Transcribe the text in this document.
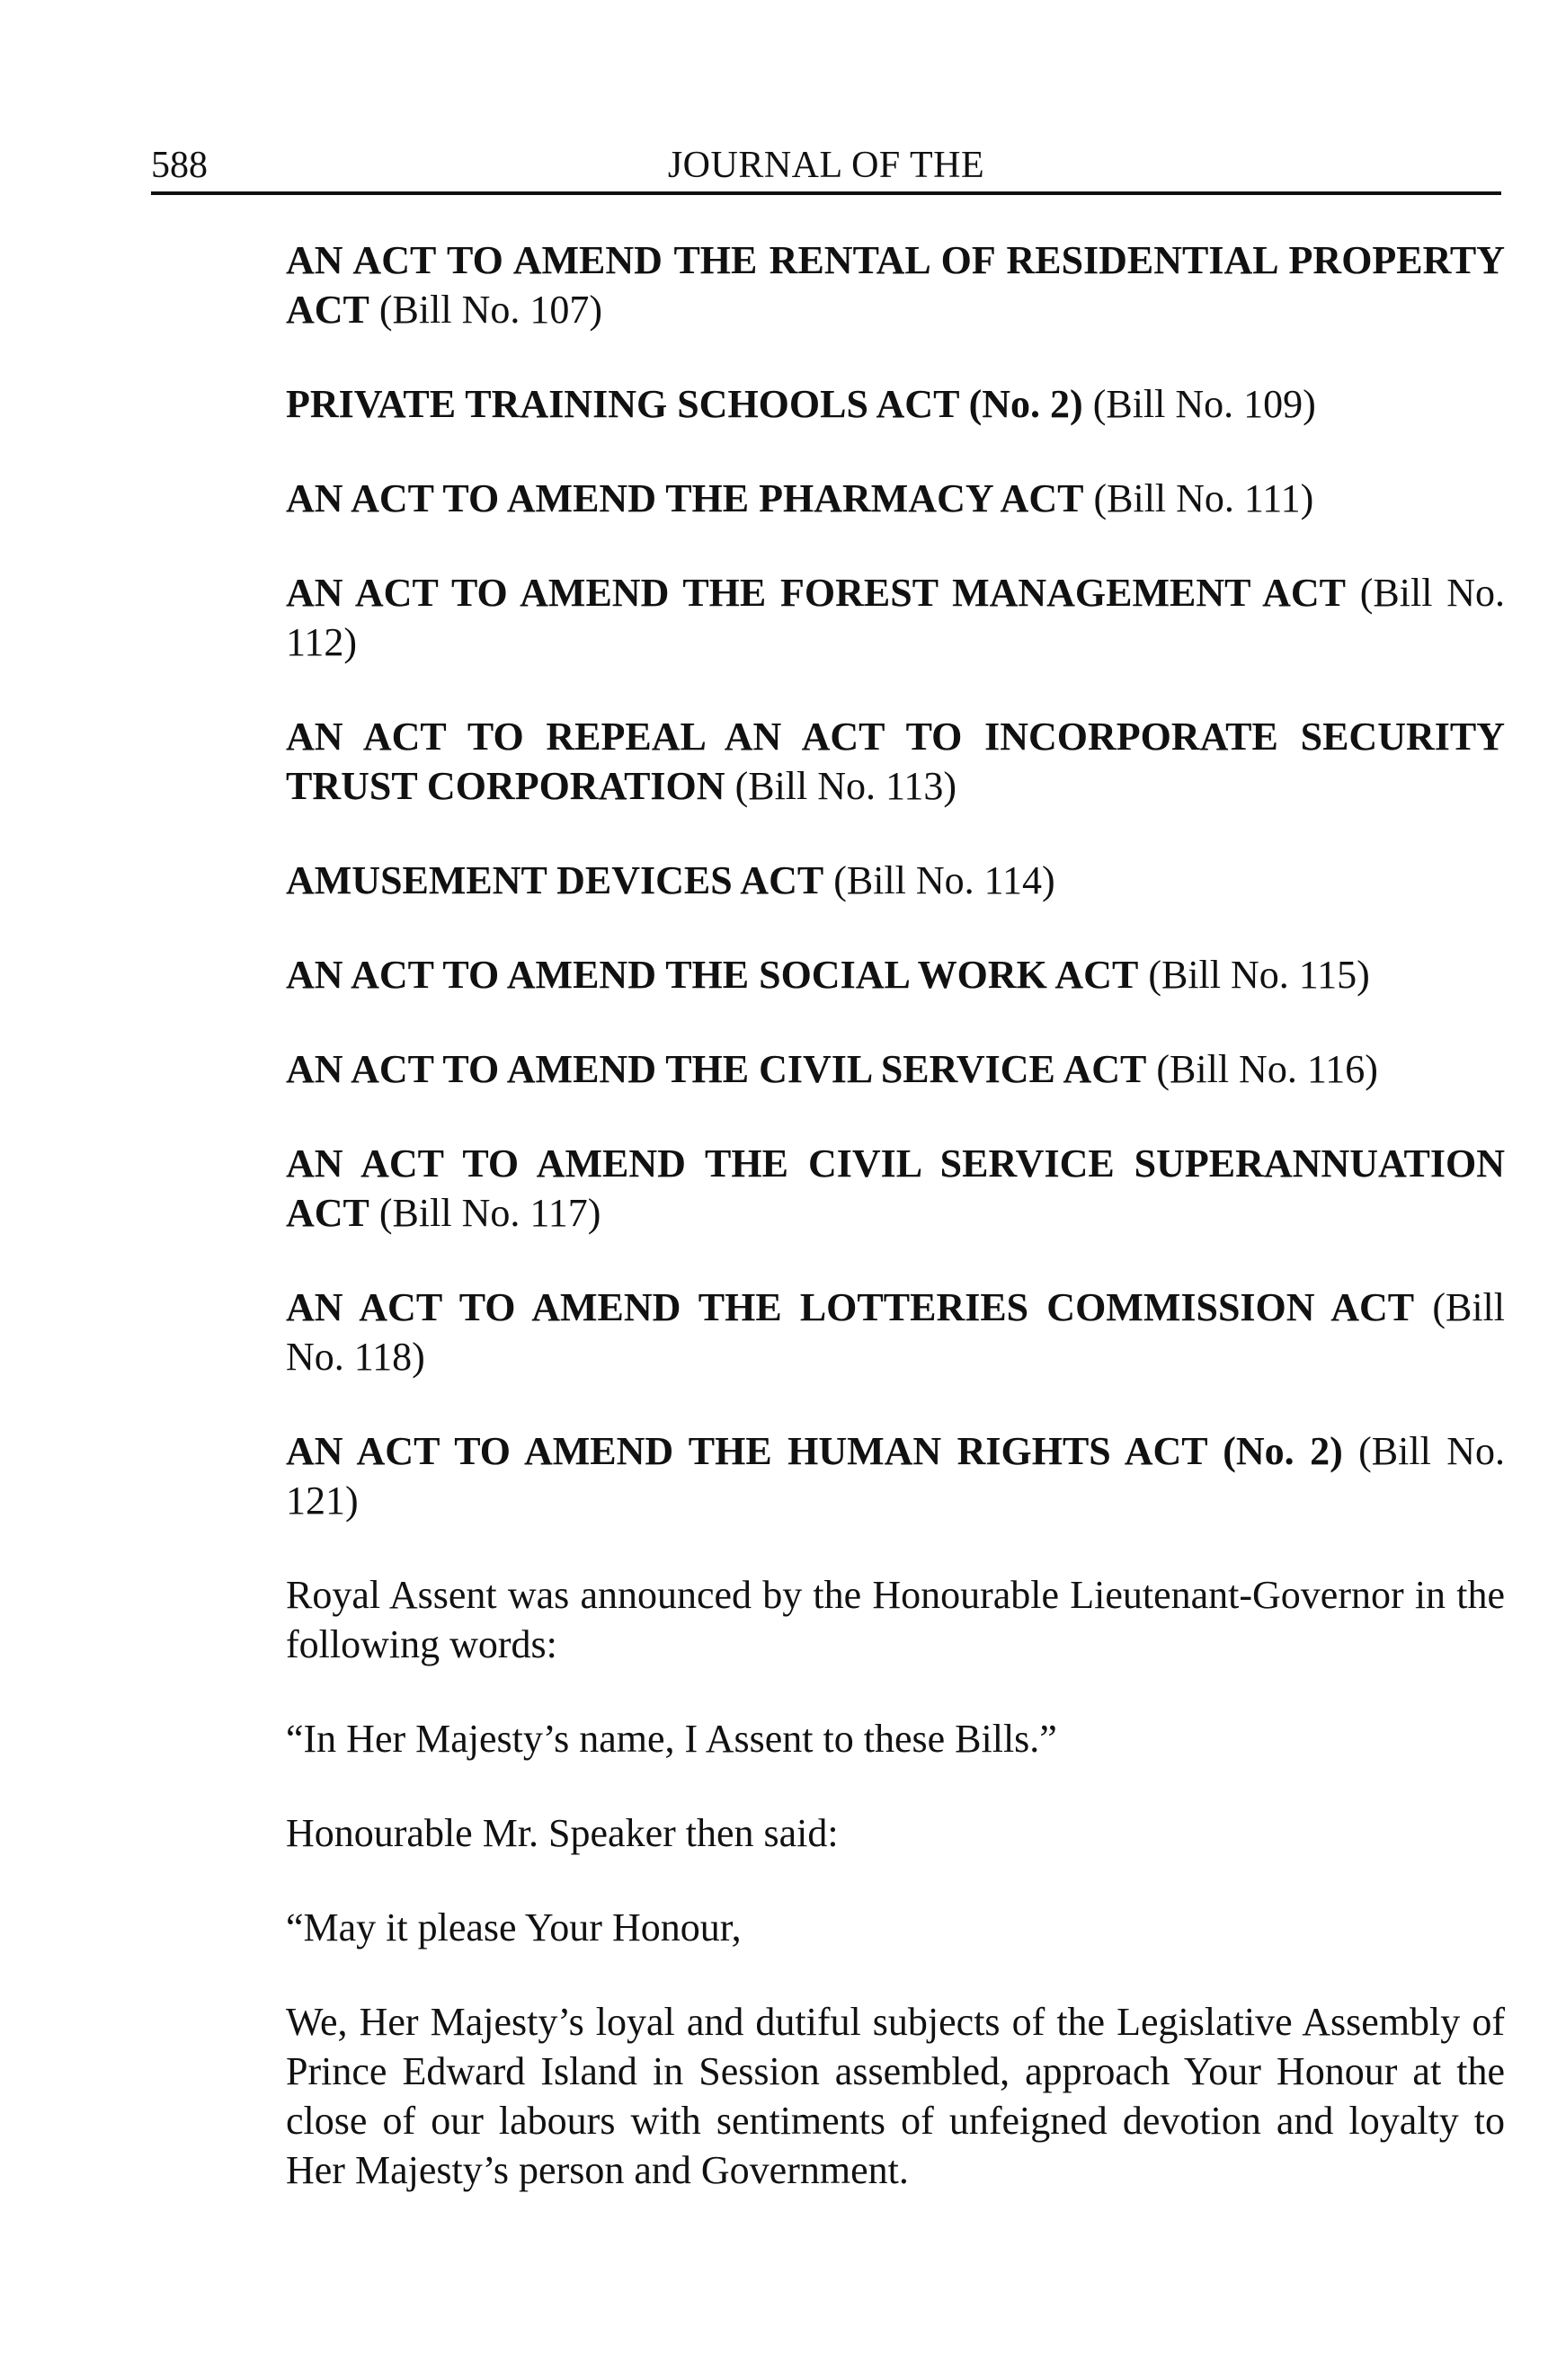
588	JOURNAL OF THE

AN ACT TO AMEND THE RENTAL OF RESIDENTIAL PROPERTY ACT (Bill No. 107)

PRIVATE TRAINING SCHOOLS ACT (No. 2) (Bill No. 109)

AN ACT TO AMEND THE PHARMACY ACT (Bill No. 111)

AN ACT TO AMEND THE FOREST MANAGEMENT ACT (Bill No. 112)

AN ACT TO REPEAL AN ACT TO INCORPORATE SECURITY TRUST CORPORATION (Bill No. 113)

AMUSEMENT DEVICES ACT (Bill No. 114)

AN ACT TO AMEND THE SOCIAL WORK ACT (Bill No. 115)

AN ACT TO AMEND THE CIVIL SERVICE ACT (Bill No. 116)

AN ACT TO AMEND THE CIVIL SERVICE SUPERANNUATION ACT (Bill No. 117)

AN ACT TO AMEND THE LOTTERIES COMMISSION ACT (Bill No. 118)

AN ACT TO AMEND THE HUMAN RIGHTS ACT (No. 2) (Bill No. 121)

Royal Assent was announced by the Honourable Lieutenant-Governor in the following words:

“In Her Majesty’s name, I Assent to these Bills.”

Honourable Mr. Speaker then said:

“May it please Your Honour,

We, Her Majesty’s loyal and dutiful subjects of the Legislative Assembly of Prince Edward Island in Session assembled, approach Your Honour at the close of our labours with sentiments of unfeigned devotion and loyalty to Her Majesty’s person and Government.
